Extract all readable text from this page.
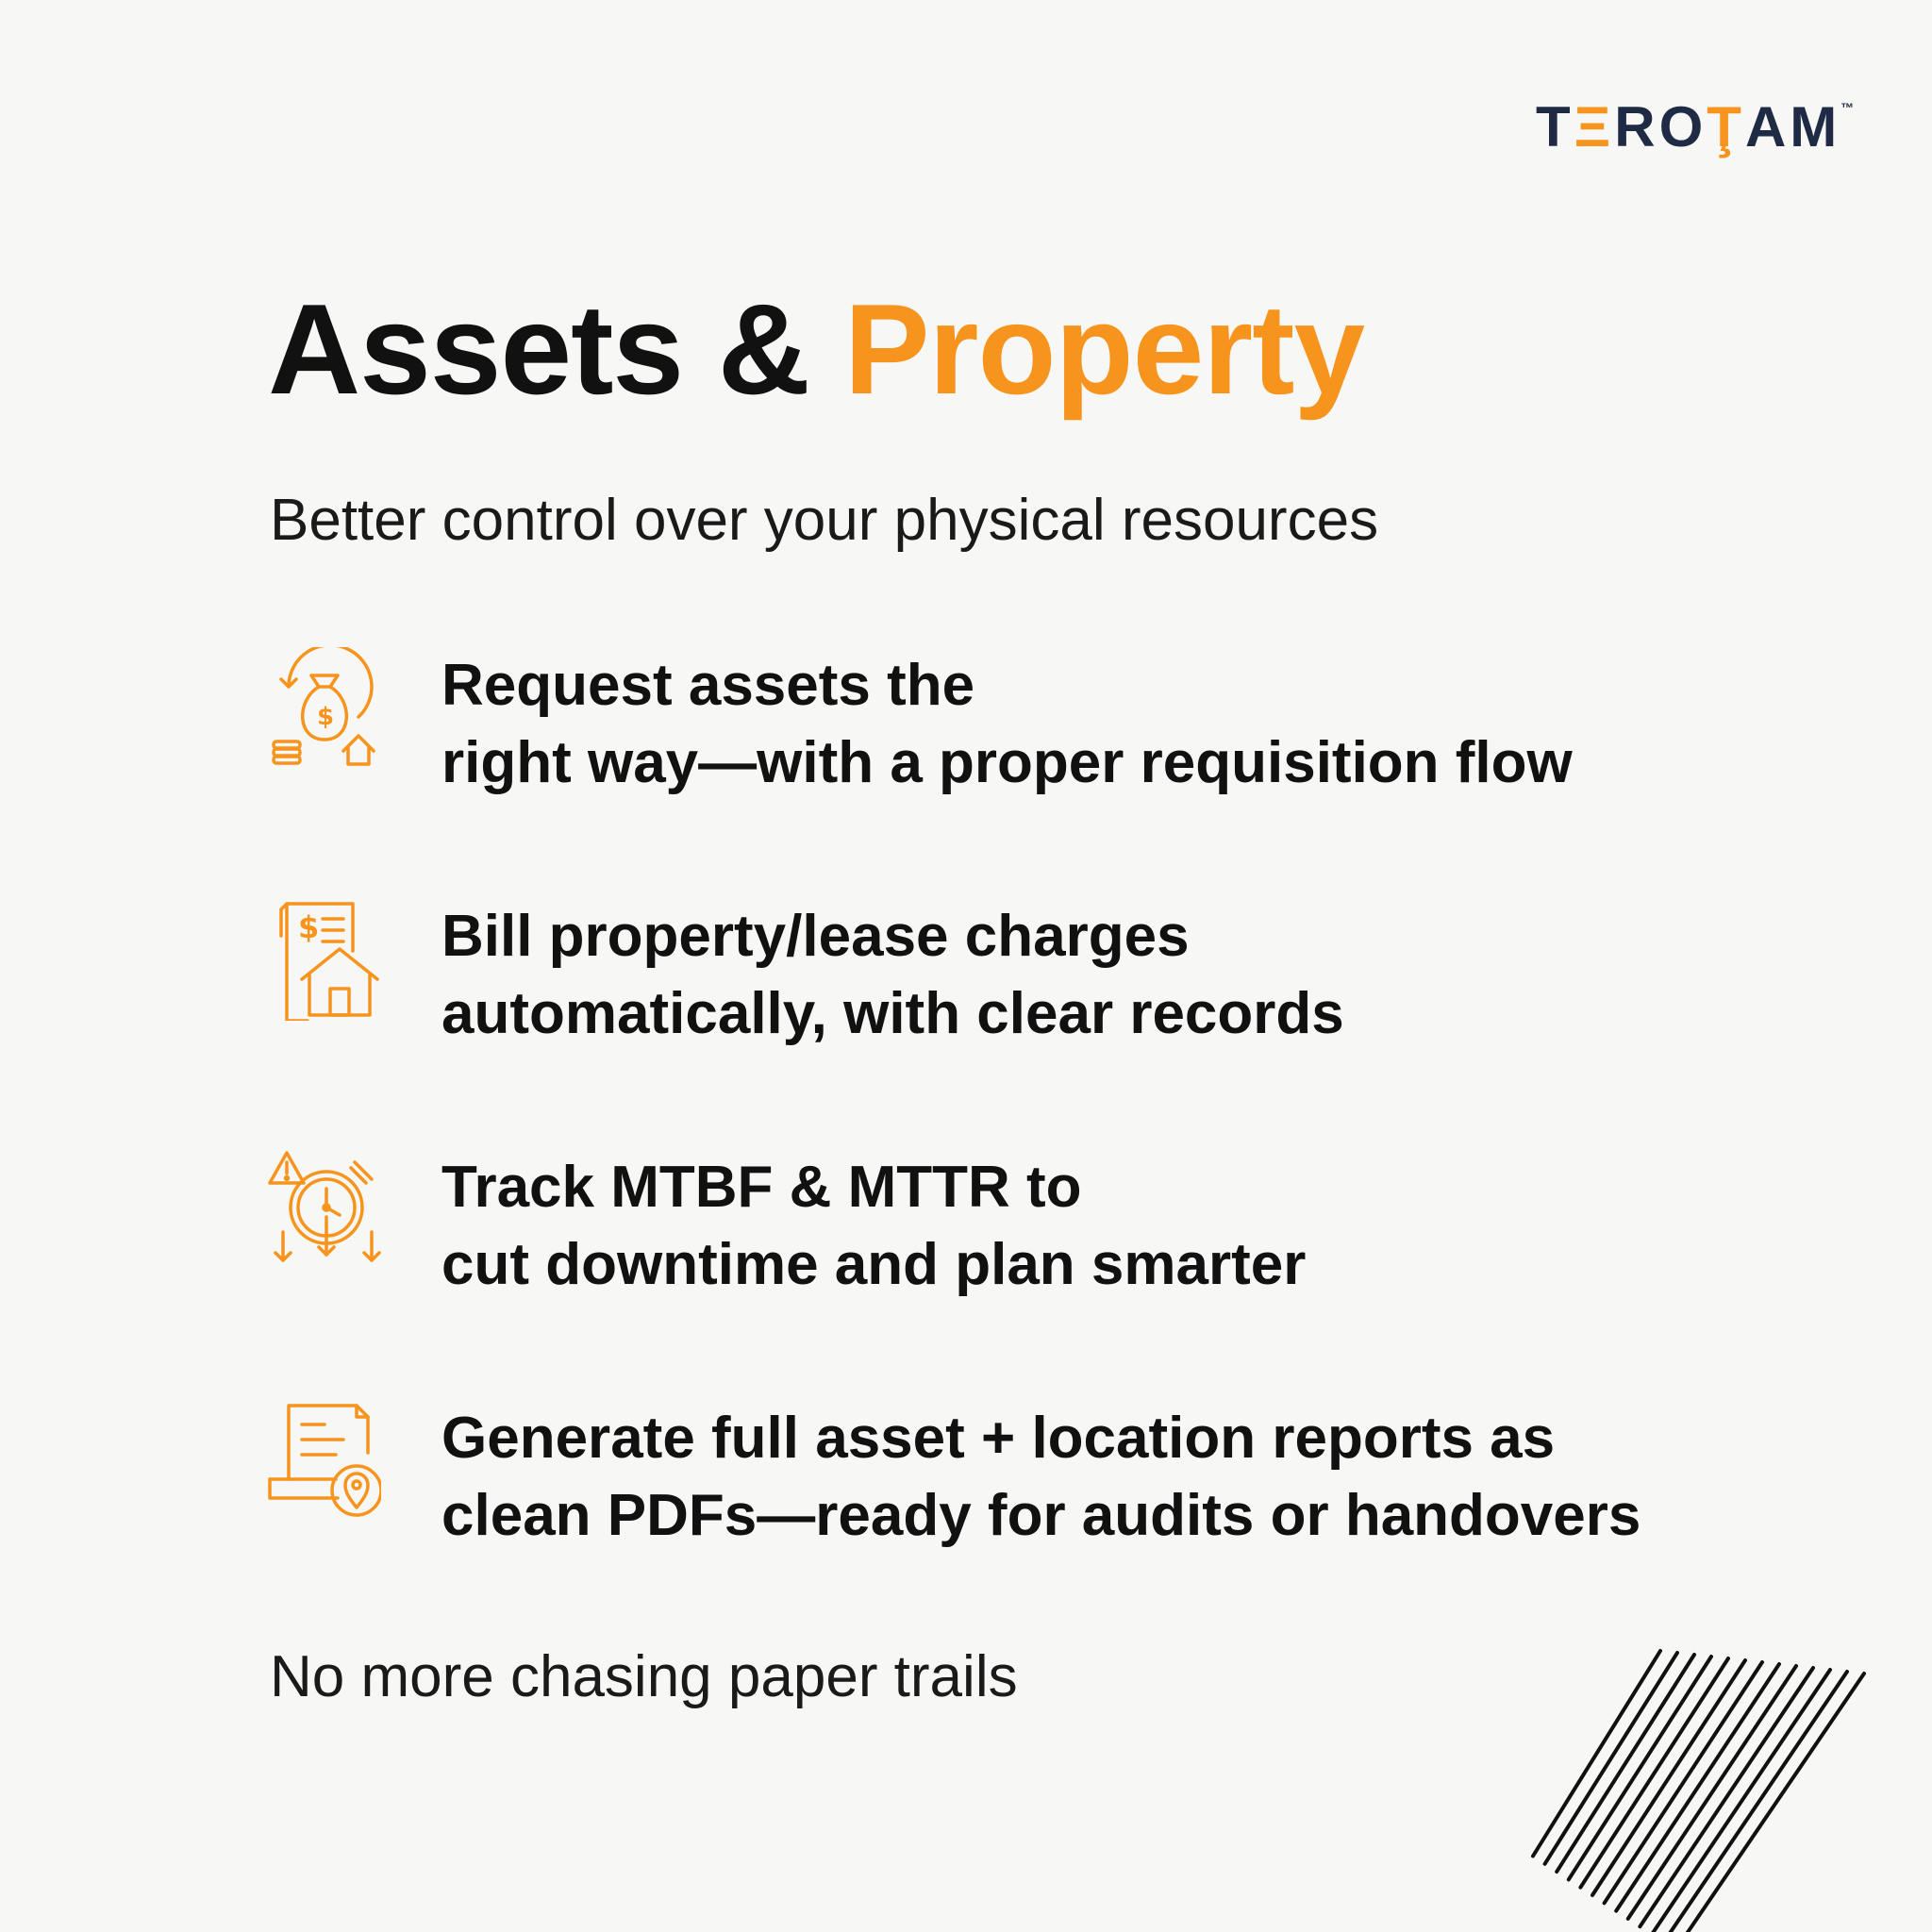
TΞROŢAM™
Assets & Property
Better control over your physical resources
$ Request assets the
right way—with a proper requisition flow
$ Bill property/lease charges
automatically, with clear records
Track MTBF & MTTR to
cut downtime and plan smarter
Generate full asset + location reports as
clean PDFs—ready for audits or handovers
No more chasing paper trails
